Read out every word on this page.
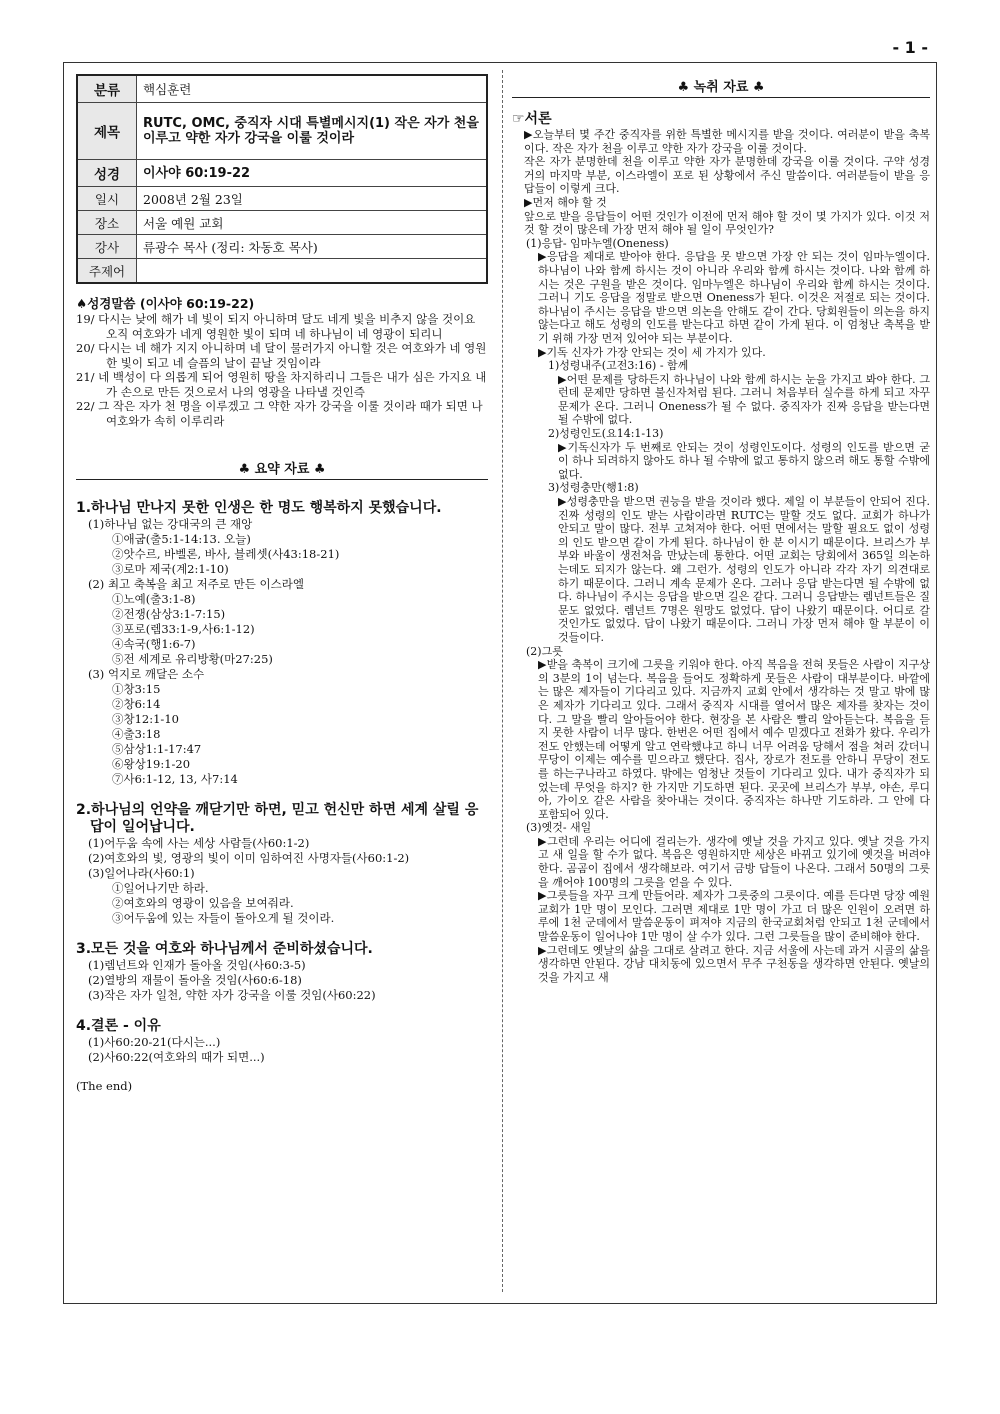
- 1 -
분류	핵심훈련
제목	RUTC, OMC, 중직자 시대 특별메시지(1) 작은 자가 천을 이루고 약한 자가 강국을 이룰 것이라
성경	이사야 60:19-22
일시	2008년 2월 23일
장소	서울 예원 교회
강사	류광수 목사 (정리: 차동호 목사)
주제어	
♠성경말씀 (이사야 60:19-22)
19/ 다시는 낮에 해가 네 빛이 되지 아니하며 달도 네게 빛을 비추지 않을 것이요 오직 여호와가 네게 영원한 빛이 되며 네 하나님이 네 영광이 되리니
20/ 다시는 네 해가 지지 아니하며 네 달이 물러가지 아니할 것은 여호와가 네 영원한 빛이 되고 네 슬픔의 날이 끝날 것임이라
21/ 네 백성이 다 의롭게 되어 영원히 땅을 차지하리니 그들은 내가 심은 가지요 내가 손으로 만든 것으로서 나의 영광을 나타낼 것인즉
22/ 그 작은 자가 천 명을 이루겠고 그 약한 자가 강국을 이룰 것이라 때가 되면 나 여호와가 속히 이루리라
♣ 요약 자료 ♣
1.하나님 만나지 못한 인생은 한 명도 행복하지 못했습니다.
(1)하나님 없는 강대국의 큰 재앙
①애굽(출5:1-14:13. 오늘)
②앗수르, 바벨론, 바사, 블레셋(사43:18-21)
③로마 제국(계2:1-10)
(2) 최고 축복을 최고 저주로 만든 이스라엘
①노예(출3:1-8)
②전쟁(삼상3:1-7:15)
③포로(렘33:1-9,사6:1-12)
④속국(행1:6-7)
⑤전 세계로 유리방황(마27:25)
(3) 억지로 깨달은 소수
①창3:15
②창6:14
③창12:1-10
④출3:18
⑤삼상1:1-17:47
⑥왕상19:1-20
⑦사6:1-12, 13, 사7:14
2.하나님의 언약을 깨닫기만 하면, 믿고 헌신만 하면 세계 살릴 응답이 일어납니다.
(1)어두움 속에 사는 세상 사람들(사60:1-2)
(2)여호와의 빛, 영광의 빛이 이미 임하여진 사명자들(사60:1-2)
(3)일어나라(사60:1)
①일어나기만 하라.
②여호와의 영광이 있음을 보여줘라.
③어두움에 있는 자들이 돌아오게 될 것이라.
3.모든 것을 여호와 하나님께서 준비하셨습니다.
(1)렘넌트와 인재가 돌아올 것임(사60:3-5)
(2)열방의 재물이 돌아올 것임(사60:6-18)
(3)작은 자가 일천, 약한 자가 강국을 이룰 것임(사60:22)
4.결론 - 이유
(1)사60:20-21(다시는...)
(2)사60:22(여호와의 때가 되면...)
(The end)
♣ 녹취 자료 ♣
☞서론
▶오늘부터 몇 주간 중직자를 위한 특별한 메시지를 받을 것이다. 여러분이 받을 축복이다. 작은 자가 천을 이루고 약한 자가 강국을 이룰 것이다.
작은 자가 분명한데 천을 이루고 약한 자가 분명한데 강국을 이룰 것이다. 구약 성경 거의 마지막 부분, 이스라엘이 포로 된 상황에서 주신 말씀이다. 여러분들이 받을 응답들이 이렇게 크다.
▶먼저 해야 할 것
앞으로 받을 응답들이 어떤 것인가 이전에 먼저 해야 할 것이 몇 가지가 있다. 이것 저것 할 것이 많은데 가장 먼저 해야 될 일이 무엇인가?
(1)응답- 임마누엘(Oneness)
▶응답을 제대로 받아야 한다. 응답을 못 받으면 가장 안 되는 것이 임마누엘이다. 하나님이 나와 함께 하시는 것이 아니라 우리와 함께 하시는 것이다. 나와 함께 하시는 것은 구원을 받은 것이다. 임마누엘은 하나님이 우리와 함께 하시는 것이다. 그러니 기도 응답을 정말로 받으면 Oneness가 된다. 이것은 저절로 되는 것이다. 하나님이 주시는 응답을 받으면 의논을 안해도 같이 간다. 당회원들이 의논을 하지 않는다고 해도 성령의 인도를 받는다고 하면 같이 가게 된다. 이 엄청난 축복을 받기 위해 가장 먼저 있어야 되는 부분이다.
▶기독 신자가 가장 안되는 것이 세 가지가 있다.
1)성령내주(고전3:16) - 함께
▶어떤 문제를 당하든지 하나님이 나와 함께 하시는 눈을 가지고 봐야 한다. 그런데 문제만 당하면 불신자처럼 된다. 그러니 처음부터 실수를 하게 되고 자꾸 문제가 온다. 그러니 Oneness가 될 수 없다. 중직자가 진짜 응답을 받는다면 될 수밖에 없다.
2)성령인도(요14:1-13)
▶기독신자가 두 번째로 안되는 것이 성령인도이다. 성령의 인도를 받으면 굳이 하나 되려하지 않아도 하나 될 수밖에 없고 통하지 않으려 해도 통할 수밖에 없다.
3)성령충만(행1:8)
▶성령충만을 받으면 권능을 받을 것이라 했다. 제일 이 부분들이 안되어 진다. 진짜 성령의 인도 받는 사람이라면 RUTC는 말할 것도 없다. 교회가 하나가 안되고 말이 많다. 전부 고쳐져야 한다. 어떤 면에서는 말할 필요도 없이 성령의 인도 받으면 같이 가게 된다. 하나님이 한 분 이시기 때문이다. 브리스가 부부와 바울이 생전처음 만났는데 통한다. 어떤 교회는 당회에서 365일 의논하는데도 되지가 않는다. 왜 그런가. 성령의 인도가 아니라 각각 자기 의견대로 하기 때문이다. 그러니 계속 문제가 온다. 그러나 응답 받는다면 될 수밖에 없다. 하나님이 주시는 응답을 받으면 길은 같다. 그러니 응답받는 렘넌트들은 질문도 없었다. 렘넌트 7명은 원망도 없었다. 답이 나왔기 때문이다. 어디로 갈 것인가도 없었다. 답이 나왔기 때문이다. 그러니 가장 먼저 해야 할 부분이 이것들이다.
(2)그릇
▶받을 축복이 크기에 그릇을 키워야 한다. 아직 복음을 전혀 못들은 사람이 지구상의 3분의 1이 넘는다. 복음을 들어도 정확하게 못들은 사람이 대부분이다. 바깥에는 많은 제자들이 기다리고 있다. 지금까지 교회 안에서 생각하는 것 말고 밖에 많은 제자가 기다리고 있다. 그래서 중직자 시대를 열어서 많은 제자를 찾자는 것이다. 그 말을 빨리 알아들어야 한다. 현장을 본 사람은 빨리 알아듣는다. 복음을 듣지 못한 사람이 너무 많다. 한번은 어떤 집에서 예수 믿겠다고 전화가 왔다. 우리가 전도 안했는데 어떻게 알고 연락했냐고 하니 너무 어려움 당해서 점을 쳐러 갔더니 무당이 이제는 예수를 믿으라고 했단다. 집사, 장로가 전도를 안하니 무당이 전도를 하는구나라고 하였다. 밖에는 엄청난 것들이 기다리고 있다. 내가 중직자가 되었는데 무엇을 하지? 한 가지만 기도하면 된다. 곳곳에 브리스가 부부, 야손, 루디아, 가이오 같은 사람을 찾아내는 것이다. 중직자는 하나만 기도하라. 그 안에 다 포함되어 있다.
(3)옛것- 새일
▶그런데 우리는 어디에 걸리는가. 생각에 옛날 것을 가지고 있다. 옛날 것을 가지고 새 일을 할 수가 없다. 복음은 영원하지만 세상은 바뀌고 있기에 옛것을 버려야 한다. 곰곰이 집에서 생각해보라. 여기서 금방 답들이 나온다. 그래서 50명의 그릇을 깨어야 100명의 그릇을 얻을 수 있다.
▶그릇들을 자꾸 크게 만들어라. 제자가 그릇중의 그릇이다. 예를 든다면 당장 예원교회가 1만 명이 모인다. 그러면 제대로 1만 명이 가고 더 많은 인원이 오려면 하루에 1천 군데에서 말씀운동이 펴져야 지금의 한국교회처럼 안되고 1천 군데에서 말씀운동이 일어나야 1만 명이 살 수가 있다. 그런 그릇들을 많이 준비해야 한다.
▶그런데도 옛날의 삶을 그대로 살려고 한다. 지금 서울에 사는데 과거 시골의 삶을 생각하면 안된다. 강남 대치동에 있으면서 무주 구천동을 생각하면 안된다. 옛날의 것을 가지고 새
